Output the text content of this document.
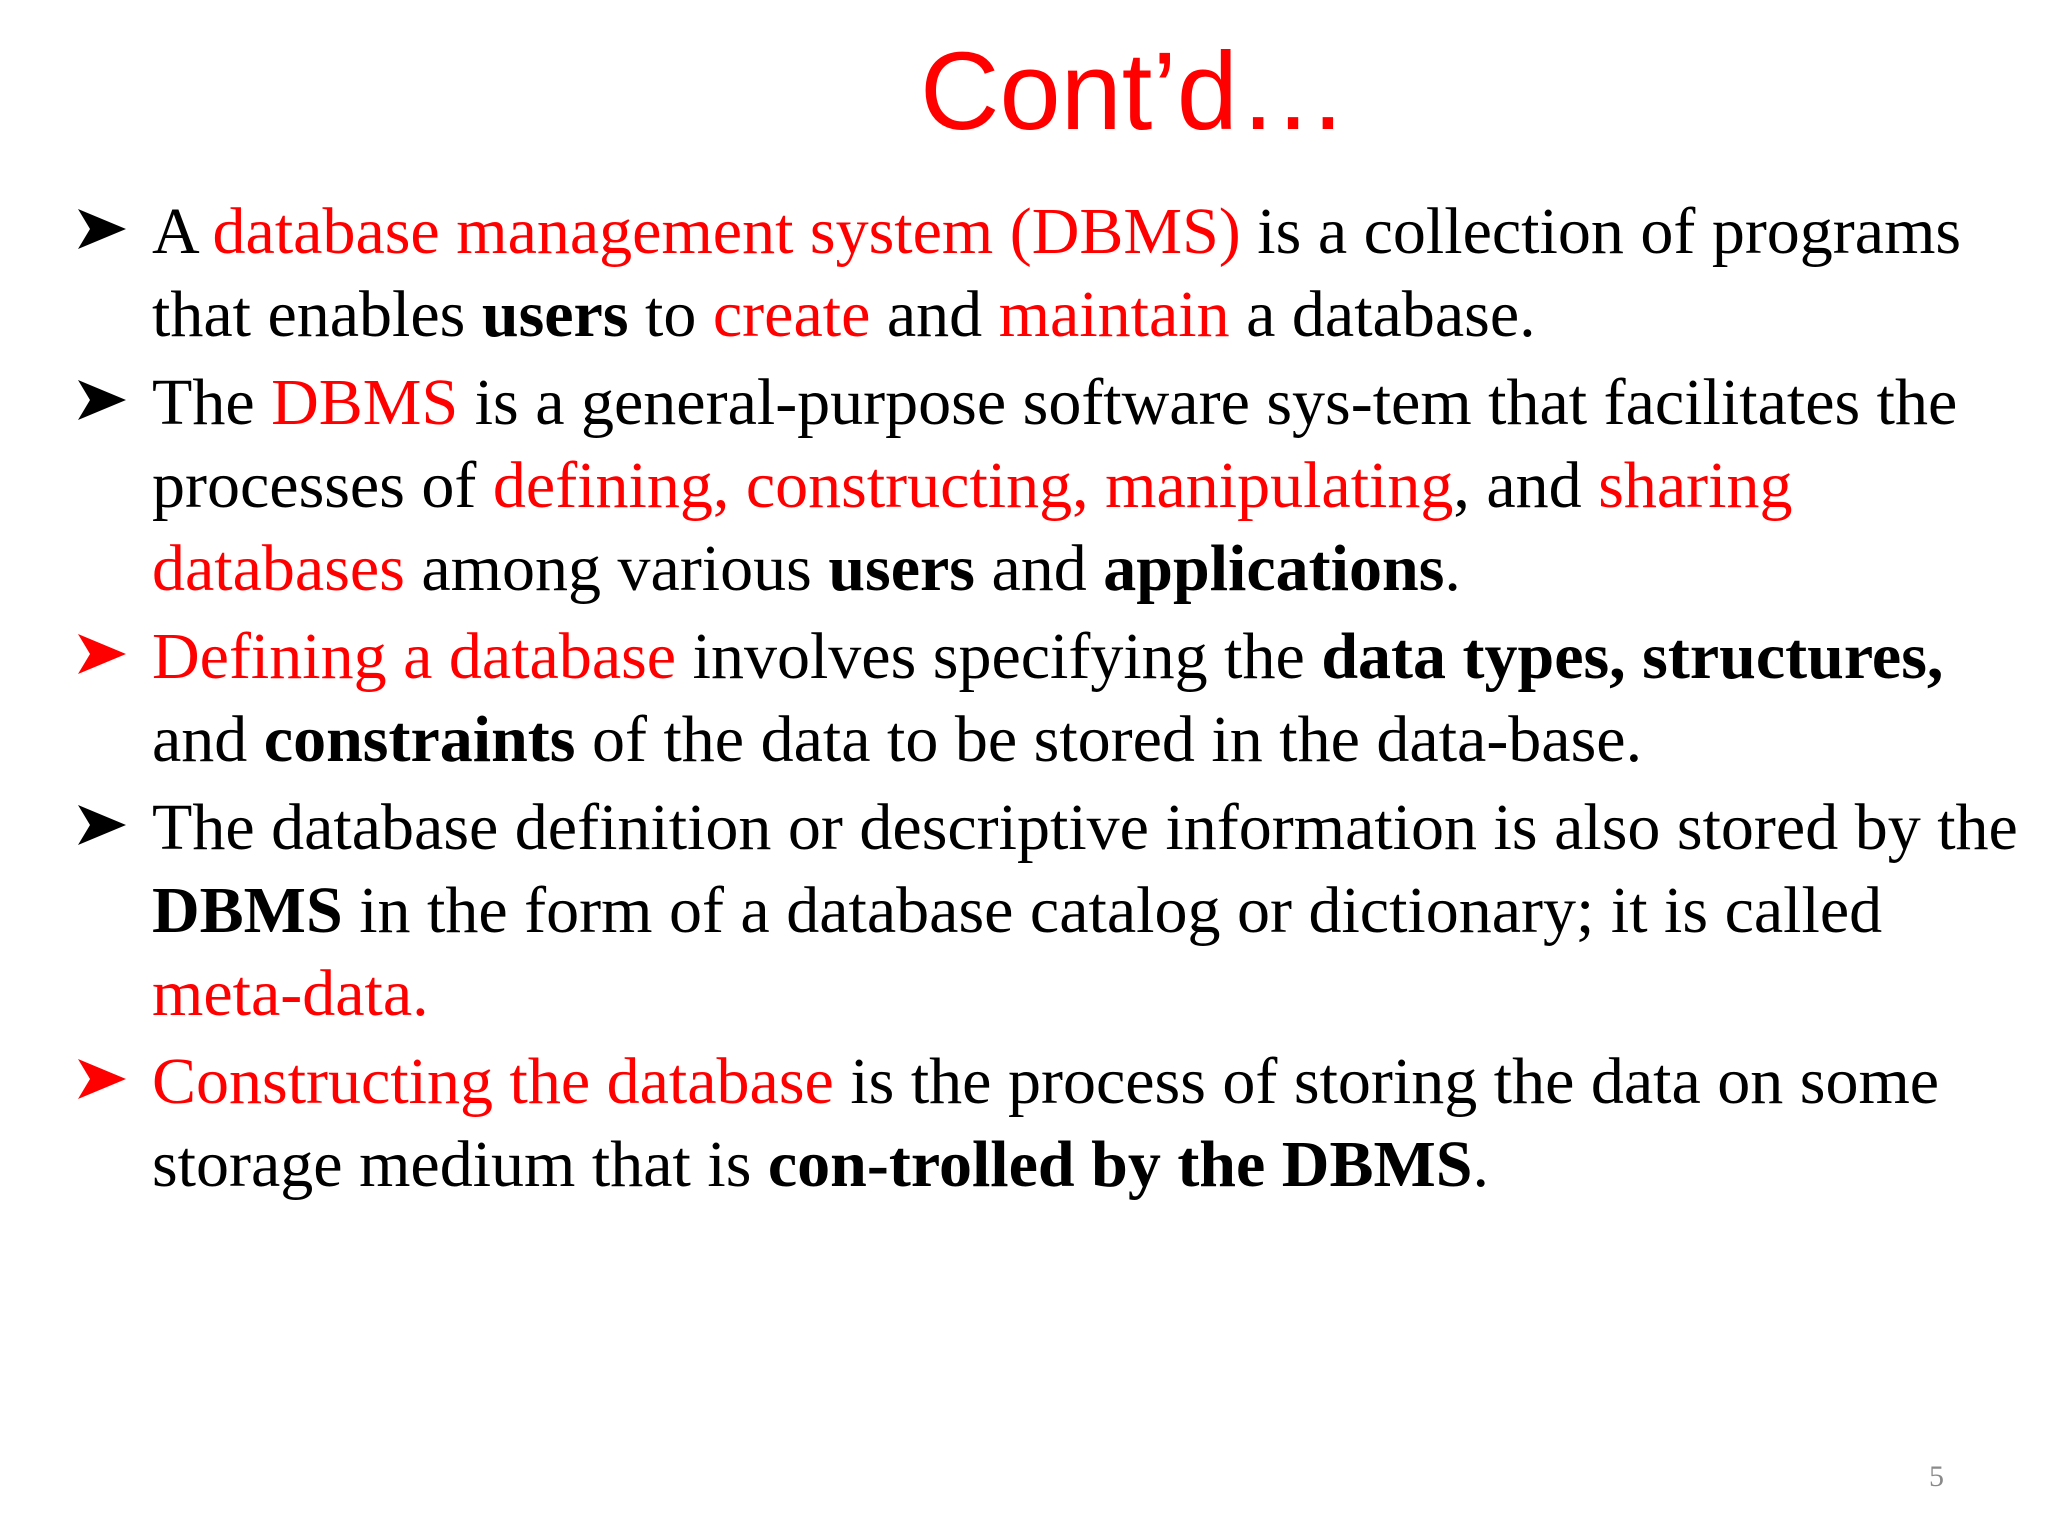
Cont’d…
A database management system (DBMS) is a collection of programs that enables users to create and maintain a database.
The DBMS is a general-purpose software sys-tem that facilitates the processes of defining, constructing, manipulating, and sharing databases among various users and applications.
Defining a database involves specifying the data types, structures, and constraints of the data to be stored in the data-base.
The database definition or descriptive information is also stored by the DBMS in the form of a database catalog or dictionary; it is called meta-data.
Constructing the database is the process of storing the data on some storage medium that is con-trolled by the DBMS.
5
